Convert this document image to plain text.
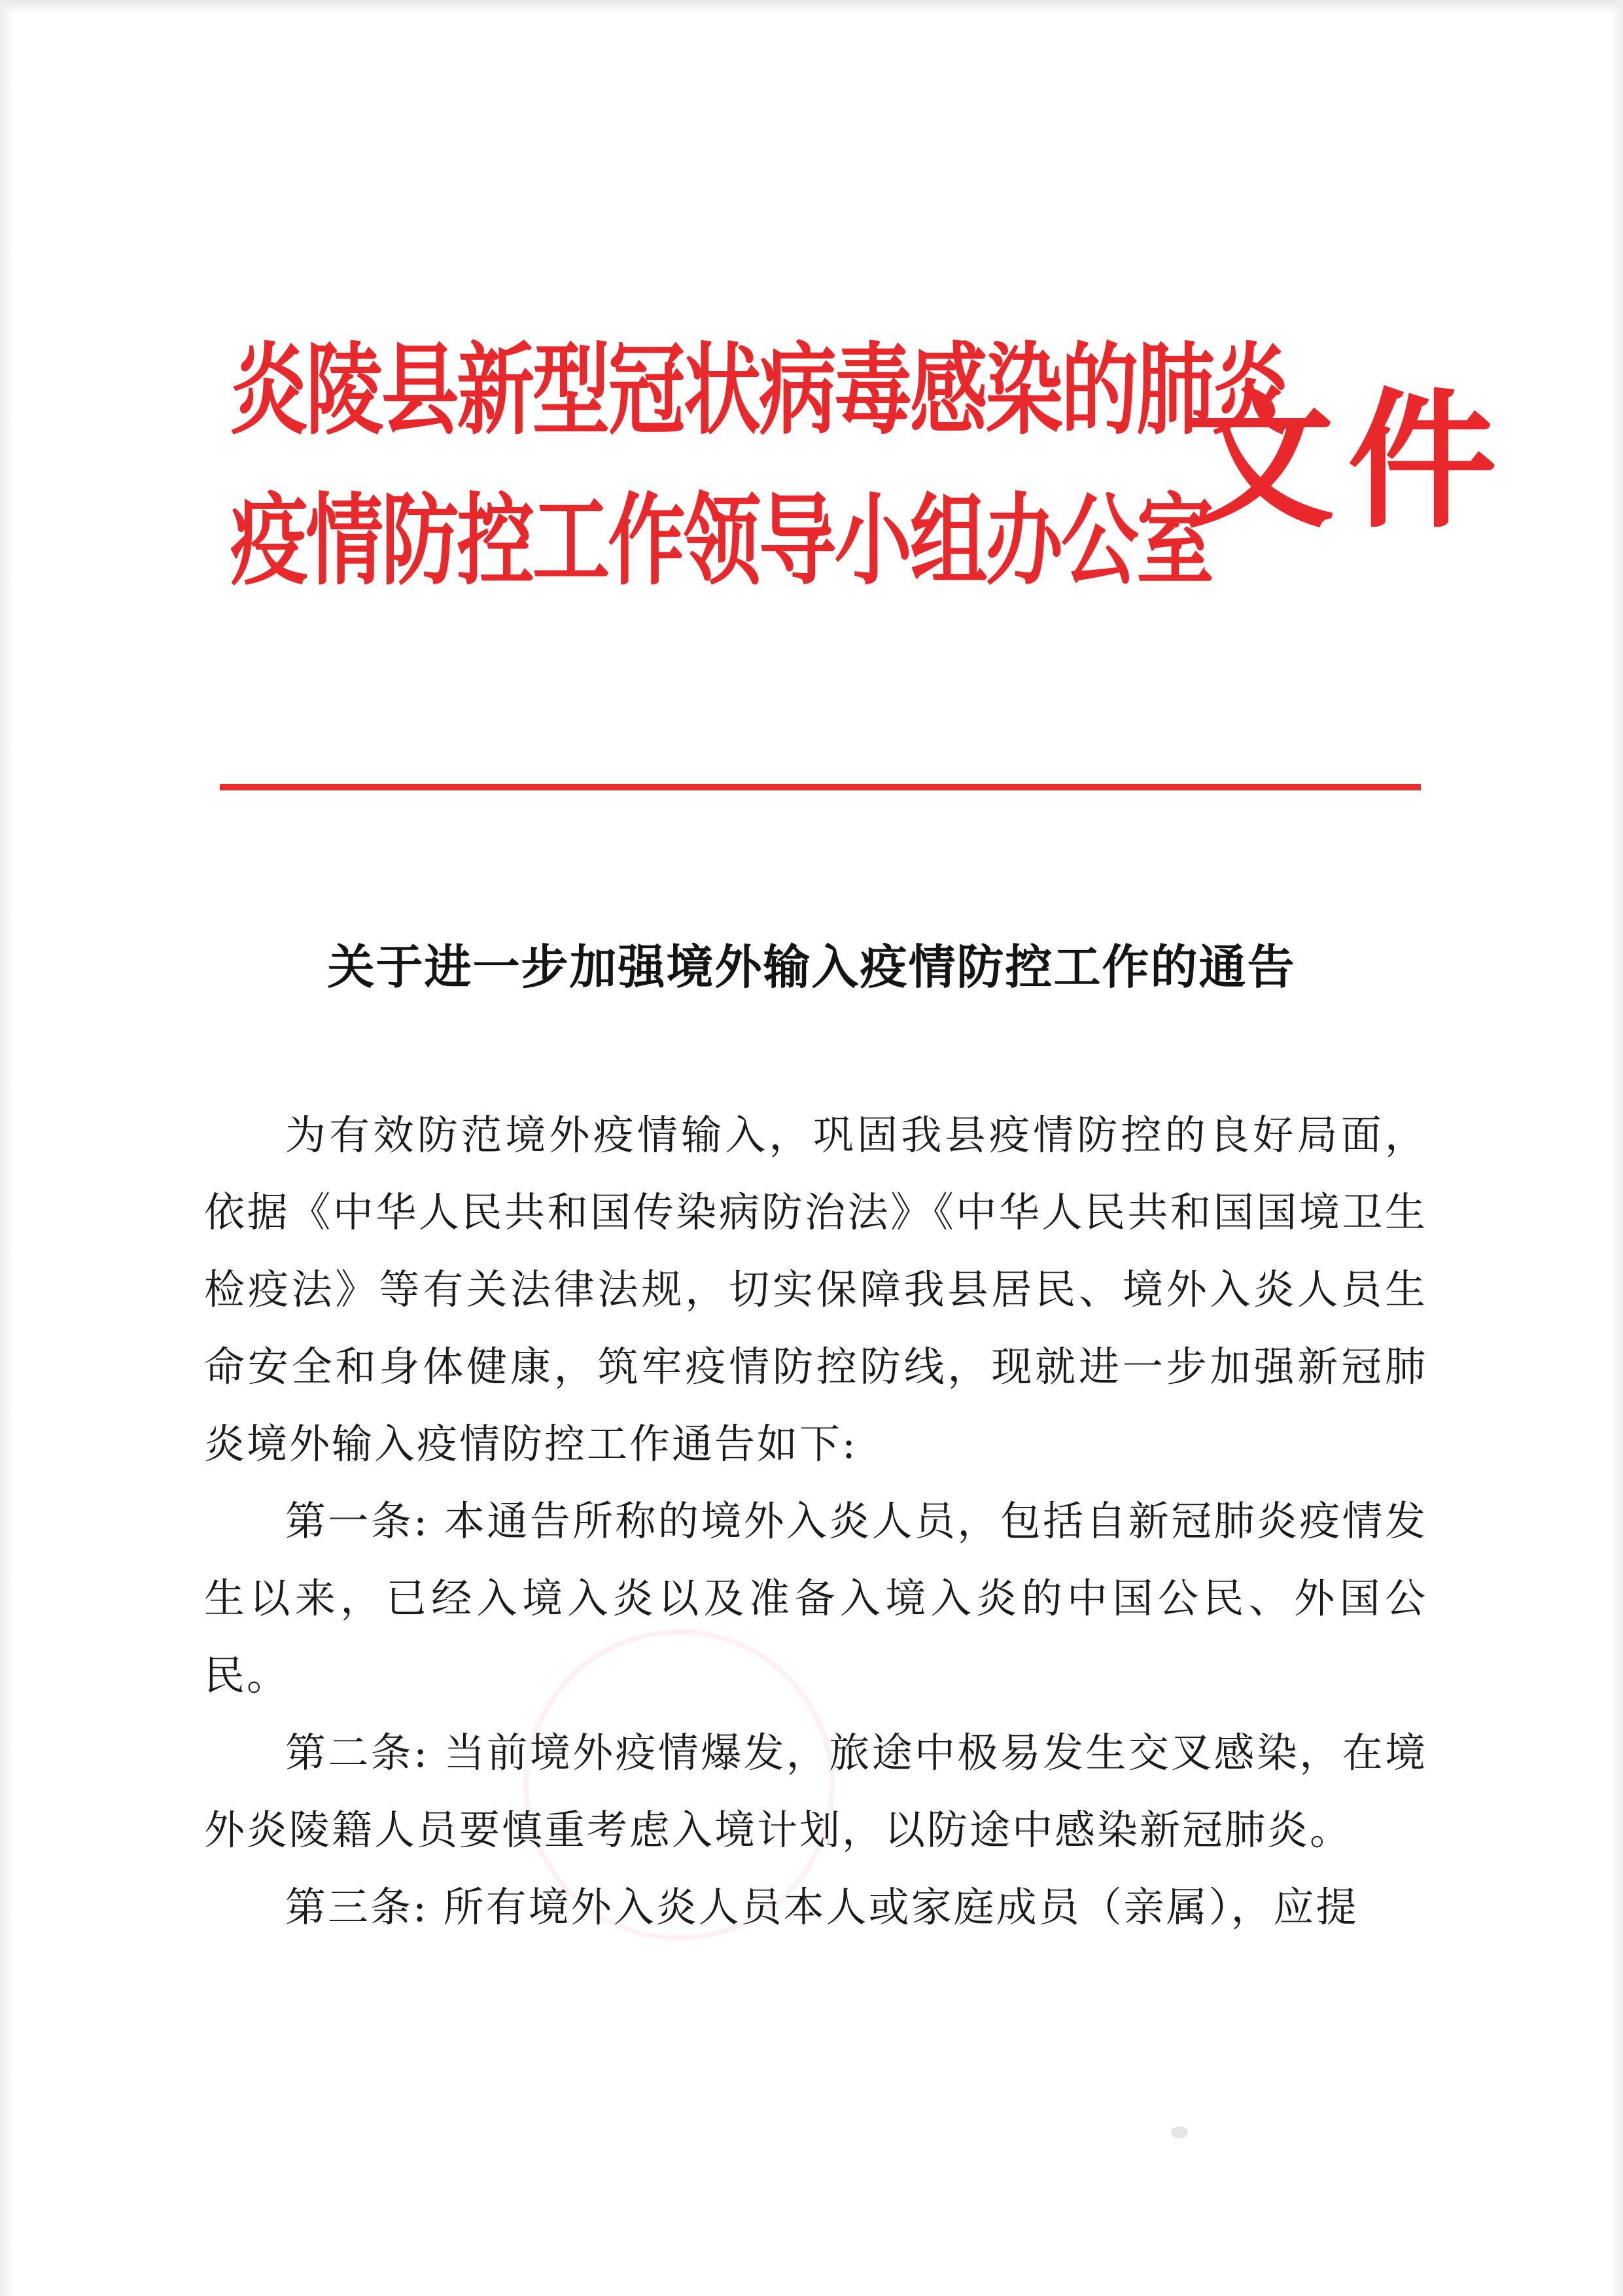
炎陵县新型冠状病毒感染的肺炎
疫情防控工作领导小组办公室
文件
关于进一步加强境外输入疫情防控工作的通告

为有效防范境外疫情输入，巩固我县疫情防控的良好局面，依据《中华人民共和国传染病防治法》《中华人民共和国国境卫生检疫法》等有关法律法规，切实保障我县居民、境外入炎人员生命安全和身体健康，筑牢疫情防控防线，现就进一步加强新冠肺炎境外输入疫情防控工作通告如下:

第一条: 本通告所称的境外入炎人员，包括自新冠肺炎疫情发生以来，已经入境入炎以及准备入境入炎的中国公民、外国公民。

第二条: 当前境外疫情爆发，旅途中极易发生交叉感染，在境外炎陵籍人员要慎重考虑入境计划，以防途中感染新冠肺炎。

第三条: 所有境外入炎人员本人或家庭成员（亲属），应提
